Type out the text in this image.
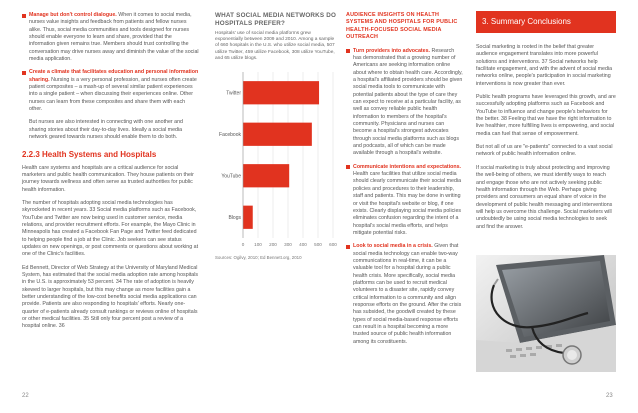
Manage but don't control dialogue. When it comes to social media, nurses value insights and feedback from patients and fellow nurses alike. Thus, social media communities and tools designed for nurses should enable everyone to learn and share, provided that the information given remains true. Members should trust controlling the conversation may drive nurses away and diminish the value of the social media application.

Create a climate that facilitates education and personal information sharing. Nursing is a very personal profession, and nurses often create patient composites – a mash-up of several similar patient experiences into a single patient – when discussing their experiences online. Other nurses can learn from these composites and share them with each other.

But nurses are also interested in connecting with one another and sharing stories about their day-to-day lives. Ideally a social media network geared towards nurses should enable them to do both.

2.2.3 Health Systems and Hospitals

Health care systems and hospitals are a critical audience for social marketers and public health communication. They house patients on their journey towards wellness and often serve as trusted authorities for public health information.

The number of hospitals adopting social media technologies has skyrocketed in recent years. 33 Social media platforms such as Facebook, YouTube and Twitter are now being used in customer service, media relations, and provider recruitment efforts. For example, the Mayo Clinic in Minneapolis has created a Facebook Fan Page and Twitter feed dedicated to helping people find a job at the Clinic. Job seekers can see status updates on new openings, or post comments or questions about working at one of the Clinic's facilities.

Ed Bennett, Director of Web Strategy at the University of Maryland Medical System, has estimated that the social media adoption rate among hospitals in the U.S. is approximately 53 percent. 34 The rate of adoption is heavily skewed to larger hospitals, but this may change as more facilities gain a better understanding of the low-cost benefits social media applications can provide. Patients are also responding to hospitals' efforts. Nearly one-quarter of e-patients already consult rankings or reviews online of hospitals or other medical facilities. 35 Still only four percent post a review of a hospital online. 36

WHAT SOCIAL MEDIA NETWORKS DO HOSPITALS PREFER?
Hospitals' use of social media platforms grew exponentially between 2009 and 2010. Among a sample of 660 hospitals in the U.S. who utilize social media, 507 utilize Twitter, 459 utilize Facebook, 308 utilize YouTube, and 65 utilize blogs.
0 100 200 300 400 500 600
Twitter
Facebook
YouTube
Blogs
Sources: Ogilvy, 2010; Ed Bennett.org, 2010
AUDIENCE INSIGHTS ON HEALTH SYSTEMS AND HOSPITALS FOR PUBLIC HEALTH-FOCUSED SOCIAL MEDIA OUTREACH

Turn providers into advocates. Research has demonstrated that a growing number of Americans are seeking information online about where to obtain health care. Accordingly, a hospital's affiliated providers should be given social media tools to communicate with potential patients about the type of care they can expect to receive at a particular facility, as well as convey reliable public health information to members of the hospital's community. Physicians and nurses can become a hospital's strongest advocates through social media platforms such as blogs and podcasts, all of which can be made available through a hospital's website.

Communicate intentions and expectations. Health care facilities that utilize social media should clearly communicate their social media policies and procedures to their leadership, staff and patients. This may be done in writing or visit the hospital's website or blog, if one exists. Clearly displaying social media policies eliminates confusion regarding the intent of a hospital's social media efforts, and helps mitigate potential risks.

Look to social media in a crisis. Given that social media technology can enable two-way communications in real-time, it can be a valuable tool for a hospital during a public health crisis. More specifically, social media platforms can be used to recruit medical volunteers to a disaster site, rapidly convey critical information to a community and align response efforts on the ground. After the crisis has subsided, the goodwill created by these types of social media-based response efforts can result in a hospital becoming a more trusted source of public health information among its constituents.

3. Summary Conclusions

Social marketing is rooted in the belief that greater audience engagement translates into more powerful solutions and interventions. 37 Social networks help facilitate engagement, and with the advent of social media networks online, people's participation in social marketing interventions is now greater than ever.

Public health programs have leveraged this growth, and are successfully adopting platforms such as Facebook and YouTube to influence and change people's behaviors for the better. 38 Feeling that we have the right information to live healthier, more fulfilling lives is empowering, and social media can fuel that sense of empowerment.

But not all of us are "e-patients" connected to a vast social network of public health information online.

If social marketing is truly about protecting and improving the well-being of others, we must identify ways to reach and engage those who are not actively seeking public health information through the Web. Perhaps giving providers and consumers an equal share of voice in the development of public health messaging and interventions will help us overcome this challenge. Social marketers will undoubtedly be using social media technologies to seek and find the answer.

22	23
